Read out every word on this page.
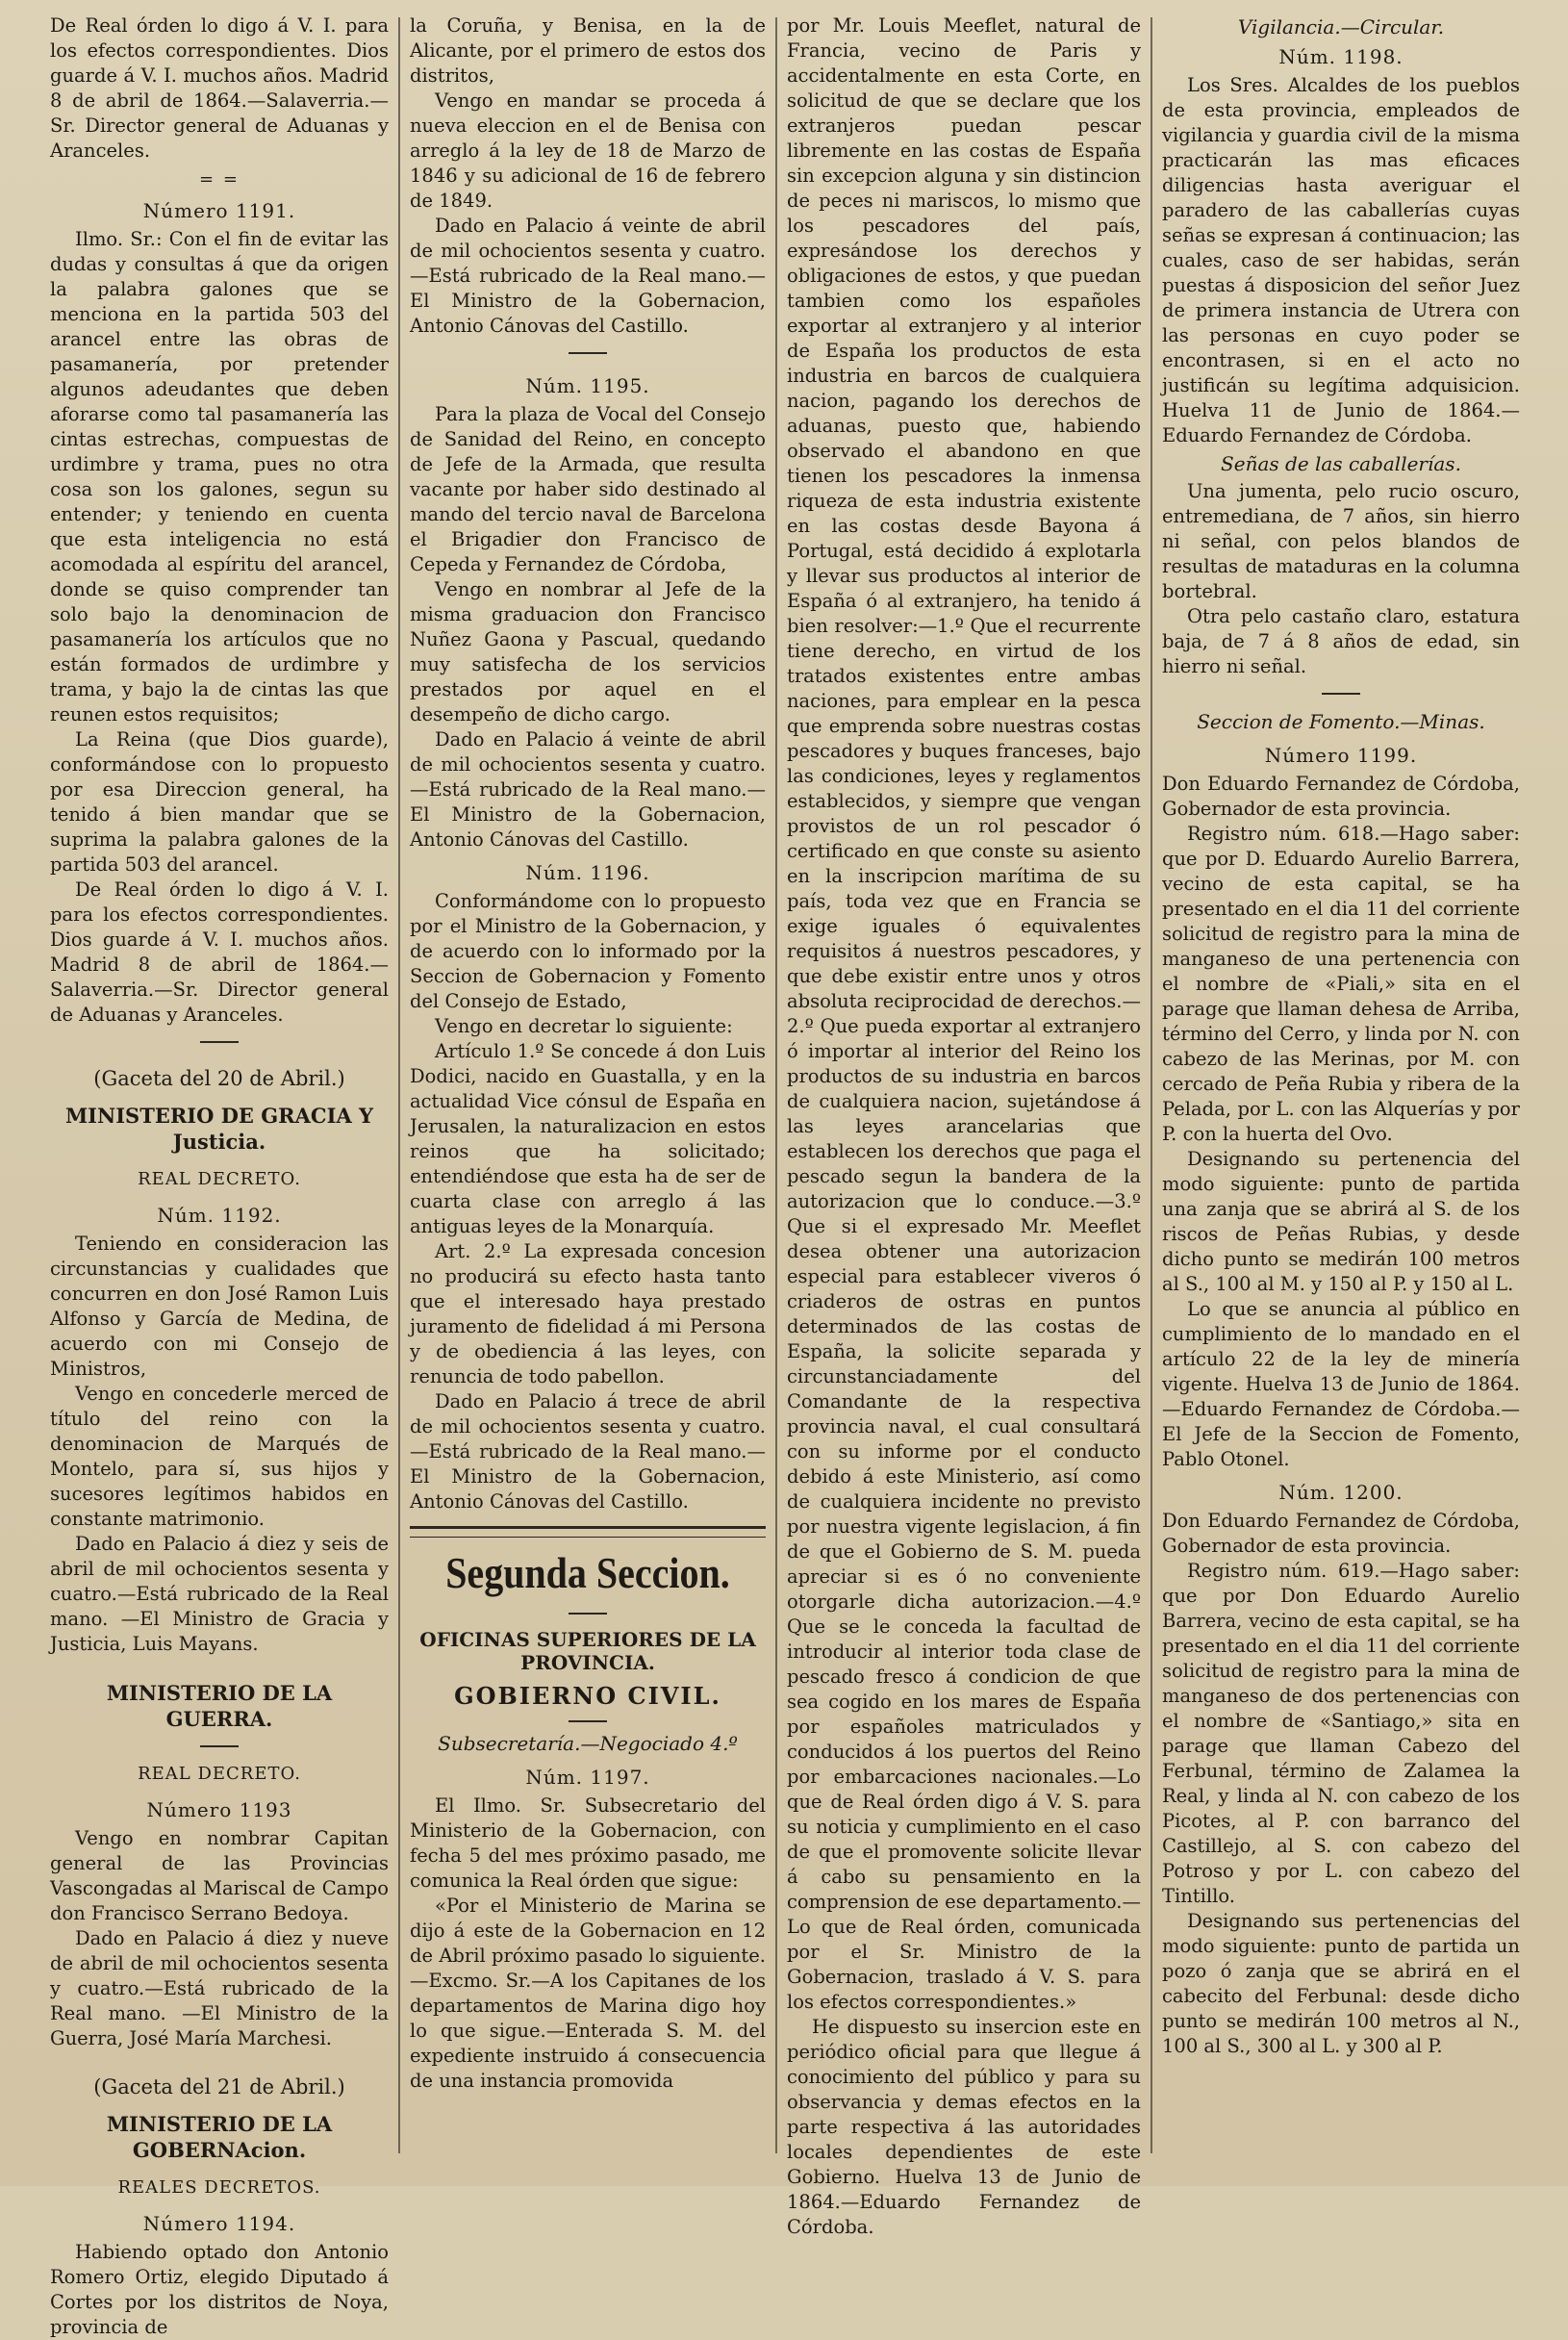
De Real órden lo digo á V. I. para los efectos correspondientes. Dios guarde á V. I. muchos años. Madrid 8 de abril de 1864.—Salaverria.—Sr. Director general de Aduanas y Aranceles.

= =
Número 1191.

Ilmo. Sr.: Con el fin de evitar las dudas y consultas á que da origen la palabra galones que se menciona en la partida 503 del arancel entre las obras de pasamanería, por pretender algunos adeudantes que deben aforarse como tal pasamanería las cintas estrechas, compuestas de urdimbre y trama, pues no otra cosa son los galones, segun su entender; y teniendo en cuenta que esta inteligencia no está acomodada al espíritu del arancel, donde se quiso comprender tan solo bajo la denominacion de pasamanería los artículos que no están formados de urdimbre y trama, y bajo la de cintas las que reunen estos requisitos;

La Reina (que Dios guarde), conformándose con lo propuesto por esa Direccion general, ha tenido á bien mandar que se suprima la palabra galones de la partida 503 del arancel.

De Real órden lo digo á V. I. para los efectos correspondientes. Dios guarde á V. I. muchos años. Madrid 8 de abril de 1864.—Salaverria.—Sr. Director general de Aduanas y Aranceles.

(Gaceta del 20 de Abril.)
MINISTERIO DE GRACIA Y Justicia.
REAL DECRETO.
Núm. 1192.

Teniendo en consideracion las circunstancias y cualidades que concurren en don José Ramon Luis Alfonso y García de Medina, de acuerdo con mi Consejo de Ministros,

Vengo en concederle merced de título del reino con la denominacion de Marqués de Montelo, para sí, sus hijos y sucesores legítimos habidos en constante matrimonio.

Dado en Palacio á diez y seis de abril de mil ochocientos sesenta y cuatro.—Está rubricado de la Real mano. —El Ministro de Gracia y Justicia, Luis Mayans.

MINISTERIO DE LA GUERRA.
REAL DECRETO.
Número 1193

Vengo en nombrar Capitan general de las Provincias Vascongadas al Mariscal de Campo don Francisco Serrano Bedoya.

Dado en Palacio á diez y nueve de abril de mil ochocientos sesenta y cuatro.—Está rubricado de la Real mano. —El Ministro de la Guerra, José María Marchesi.

(Gaceta del 21 de Abril.)
MINISTERIO DE LA GOBERNAcion.
REALES DECRETOS.
Número 1194.

Habiendo optado don Antonio Romero Ortiz, elegido Diputado á Cortes por los distritos de Noya, provincia de

la Coruña, y Benisa, en la de Alicante, por el primero de estos dos distritos,

Vengo en mandar se proceda á nueva eleccion en el de Benisa con arreglo á la ley de 18 de Marzo de 1846 y su adicional de 16 de febrero de 1849.

Dado en Palacio á veinte de abril de mil ochocientos sesenta y cuatro.—Está rubricado de la Real mano.—El Ministro de la Gobernacion, Antonio Cánovas del Castillo.

Núm. 1195.

Para la plaza de Vocal del Consejo de Sanidad del Reino, en concepto de Jefe de la Armada, que resulta vacante por haber sido destinado al mando del tercio naval de Barcelona el Brigadier don Francisco de Cepeda y Fernandez de Córdoba,

Vengo en nombrar al Jefe de la misma graduacion don Francisco Nuñez Gaona y Pascual, quedando muy satisfecha de los servicios prestados por aquel en el desempeño de dicho cargo.

Dado en Palacio á veinte de abril de mil ochocientos sesenta y cuatro.—Está rubricado de la Real mano.—El Ministro de la Gobernacion, Antonio Cánovas del Castillo.

Núm. 1196.

Conformándome con lo propuesto por el Ministro de la Gobernacion, y de acuerdo con lo informado por la Seccion de Gobernacion y Fomento del Consejo de Estado,

Vengo en decretar lo siguiente:

Artículo 1.º Se concede á don Luis Dodici, nacido en Guastalla, y en la actualidad Vice cónsul de España en Jerusalen, la naturalizacion en estos reinos que ha solicitado; entendiéndose que esta ha de ser de cuarta clase con arreglo á las antiguas leyes de la Monarquía.

Art. 2.º La expresada concesion no producirá su efecto hasta tanto que el interesado haya prestado juramento de fidelidad á mi Persona y de obediencia á las leyes, con renuncia de todo pabellon.

Dado en Palacio á trece de abril de mil ochocientos sesenta y cuatro.—Está rubricado de la Real mano.—El Ministro de la Gobernacion, Antonio Cánovas del Castillo.

Segunda Seccion.
OFICINAS SUPERIORES DE LA PROVINCIA.
GOBIERNO CIVIL.
Subsecretaría.—Negociado 4.º
Núm. 1197.

El Ilmo. Sr. Subsecretario del Ministerio de la Gobernacion, con fecha 5 del mes próximo pasado, me comunica la Real órden que sigue:

«Por el Ministerio de Marina se dijo á este de la Gobernacion en 12 de Abril próximo pasado lo siguiente.—Excmo. Sr.—A los Capitanes de los departamentos de Marina digo hoy lo que sigue.—Enterada S. M. del expediente instruido á consecuencia de una instancia promovida

por Mr. Louis Meeflet, natural de Francia, vecino de Paris y accidentalmente en esta Corte, en solicitud de que se declare que los extranjeros puedan pescar libremente en las costas de España sin excepcion alguna y sin distincion de peces ni mariscos, lo mismo que los pescadores del país, expresándose los derechos y obligaciones de estos, y que puedan tambien como los españoles exportar al extranjero y al interior de España los productos de esta industria en barcos de cualquiera nacion, pagando los derechos de aduanas, puesto que, habiendo observado el abandono en que tienen los pescadores la inmensa riqueza de esta industria existente en las costas desde Bayona á Portugal, está decidido á explotarla y llevar sus productos al interior de España ó al extranjero, ha tenido á bien resolver:—1.º Que el recurrente tiene derecho, en virtud de los tratados existentes entre ambas naciones, para emplear en la pesca que emprenda sobre nuestras costas pescadores y buques franceses, bajo las condiciones, leyes y reglamentos establecidos, y siempre que vengan provistos de un rol pescador ó certificado en que conste su asiento en la inscripcion marítima de su país, toda vez que en Francia se exige iguales ó equivalentes requisitos á nuestros pescadores, y que debe existir entre unos y otros absoluta reciprocidad de derechos.—2.º Que pueda exportar al extranjero ó importar al interior del Reino los productos de su industria en barcos de cualquiera nacion, sujetándose á las leyes arancelarias que establecen los derechos que paga el pescado segun la bandera de la autorizacion que lo conduce.—3.º Que si el expresado Mr. Meeflet desea obtener una autorizacion especial para establecer viveros ó criaderos de ostras en puntos determinados de las costas de España, la solicite separada y circunstanciadamente del Comandante de la respectiva provincia naval, el cual consultará con su informe por el conducto debido á este Ministerio, así como de cualquiera incidente no previsto por nuestra vigente legislacion, á fin de que el Gobierno de S. M. pueda apreciar si es ó no conveniente otorgarle dicha autorizacion.—4.º Que se le conceda la facultad de introducir al interior toda clase de pescado fresco á condicion de que sea cogido en los mares de España por españoles matriculados y conducidos á los puertos del Reino por embarcaciones nacionales.—Lo que de Real órden digo á V. S. para su noticia y cumplimiento en el caso de que el promovente solicite llevar á cabo su pensamiento en la comprension de ese departamento.—Lo que de Real órden, comunicada por el Sr. Ministro de la Gobernacion, traslado á V. S. para los efectos correspondientes.»

He dispuesto su insercion este en periódico oficial para que llegue á conocimiento del público y para su observancia y demas efectos en la parte respectiva á las autoridades locales dependientes de este Gobierno. Huelva 13 de Junio de 1864.—Eduardo Fernandez de Córdoba.

Vigilancia.—Circular.
Núm. 1198.

Los Sres. Alcaldes de los pueblos de esta provincia, empleados de vigilancia y guardia civil de la misma practicarán las mas eficaces diligencias hasta averiguar el paradero de las caballerías cuyas señas se expresan á continuacion; las cuales, caso de ser habidas, serán puestas á disposicion del señor Juez de primera instancia de Utrera con las personas en cuyo poder se encontrasen, si en el acto no justificán su legítima adquisicion. Huelva 11 de Junio de 1864.—Eduardo Fernandez de Córdoba.

Señas de las caballerías.

Una jumenta, pelo rucio oscuro, entremediana, de 7 años, sin hierro ni señal, con pelos blandos de resultas de mataduras en la columna bortebral.

Otra pelo castaño claro, estatura baja, de 7 á 8 años de edad, sin hierro ni señal.

Seccion de Fomento.—Minas.
Número 1199.

Don Eduardo Fernandez de Córdoba, Gobernador de esta provincia.

Registro núm. 618.—Hago saber: que por D. Eduardo Aurelio Barrera, vecino de esta capital, se ha presentado en el dia 11 del corriente solicitud de registro para la mina de manganeso de una pertenencia con el nombre de «Piali,» sita en el parage que llaman dehesa de Arriba, término del Cerro, y linda por N. con cabezo de las Merinas, por M. con cercado de Peña Rubia y ribera de la Pelada, por L. con las Alquerías y por P. con la huerta del Ovo.

Designando su pertenencia del modo siguiente: punto de partida una zanja que se abrirá al S. de los riscos de Peñas Rubias, y desde dicho punto se medirán 100 metros al S., 100 al M. y 150 al P. y 150 al L.

Lo que se anuncia al público en cumplimiento de lo mandado en el artículo 22 de la ley de minería vigente. Huelva 13 de Junio de 1864.—Eduardo Fernandez de Córdoba.—El Jefe de la Seccion de Fomento, Pablo Otonel.

Núm. 1200.

Don Eduardo Fernandez de Córdoba, Gobernador de esta provincia.

Registro núm. 619.—Hago saber: que por Don Eduardo Aurelio Barrera, vecino de esta capital, se ha presentado en el dia 11 del corriente solicitud de registro para la mina de manganeso de dos pertenencias con el nombre de «Santiago,» sita en parage que llaman Cabezo del Ferbunal, término de Zalamea la Real, y linda al N. con cabezo de los Picotes, al P. con barranco del Castillejo, al S. con cabezo del Potroso y por L. con cabezo del Tintillo.

Designando sus pertenencias del modo siguiente: punto de partida un pozo ó zanja que se abrirá en el cabecito del Ferbunal: desde dicho punto se medirán 100 metros al N., 100 al S., 300 al L. y 300 al P.
